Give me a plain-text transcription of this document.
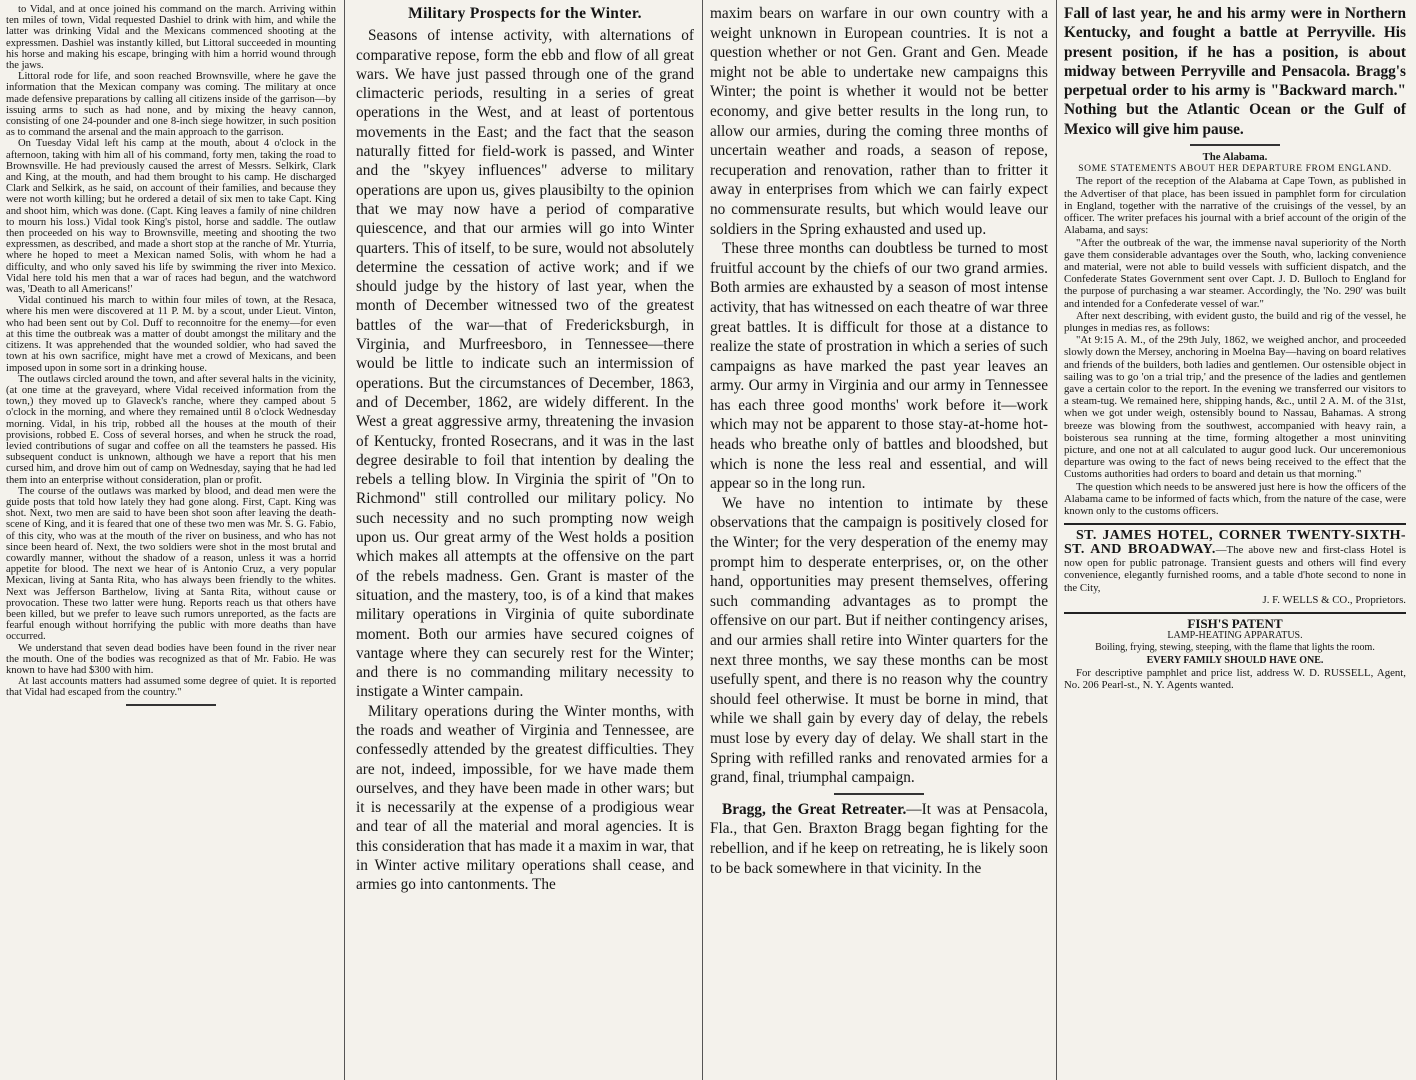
to Vidal, and at once joined his command on the march. Arriving within ten miles of town, Vidal requested Dashiel to drink with him, and while the latter was drinking Vidal and the Mexicans commenced shooting at the expressmen. Dashiel was instantly killed, but Littoral succeeded in mounting his horse and making his escape, bringing with him a horrid wound through the jaws.

Littoral rode for life, and soon reached Brownsville, where he gave the information that the Mexican company was coming. The military at once made defensive preparations by calling all citizens inside of the garrison—by issuing arms to such as had none, and by mixing the heavy cannon, consisting of one 24-pounder and one 8-inch siege howitzer, in such position as to command the arsenal and the main approach to the garrison.

On Tuesday Vidal left his camp at the mouth, about 4 o'clock in the afternoon, taking with him all of his command, forty men, taking the road to Brownsville. He had previously caused the arrest of Messrs. Selkirk, Clark and King, at the mouth, and had them brought to his camp. He discharged Clark and Selkirk, as he said, on account of their families, and because they were not worth killing; but he ordered a detail of six men to take Capt. King and shoot him, which was done. (Capt. King leaves a family of nine children to mourn his loss.) Vidal took King's pistol, horse and saddle. The outlaw then proceeded on his way to Brownsville, meeting and shooting the two expressmen, as described, and made a short stop at the ranche of Mr. Yturria, where he hoped to meet a Mexican named Solis, with whom he had a difficulty, and who only saved his life by swimming the river into Mexico. Vidal here told his men that a war of races had begun, and the watchword was, 'Death to all Americans!'

Vidal continued his march to within four miles of town, at the Resaca, where his men were discovered at 11 P. M. by a scout, under Lieut. Vinton, who had been sent out by Col. Duff to reconnoitre for the enemy—for even at this time the outbreak was a matter of doubt amongst the military and the citizens. It was apprehended that the wounded soldier, who had saved the town at his own sacrifice, might have met a crowd of Mexicans, and been imposed upon in some sort in a drinking house.

The outlaws circled around the town, and after several halts in the vicinity, (at one time at the graveyard, where Vidal received information from the town,) they moved up to Glaveck's ranche, where they camped about 5 o'clock in the morning, and where they remained until 8 o'clock Wednesday morning. Vidal, in his trip, robbed all the houses at the mouth of their provisions, robbed E. Coss of several horses, and when he struck the road, levied contributions of sugar and coffee on all the teamsters he passed. His subsequent conduct is unknown, although we have a report that his men cursed him, and drove him out of camp on Wednesday, saying that he had led them into an enterprise without consideration, plan or profit.

The course of the outlaws was marked by blood, and dead men were the guide posts that told how lately they had gone along. First, Capt. King was shot. Next, two men are said to have been shot soon after leaving the death-scene of King, and it is feared that one of these two men was Mr. S. G. Fabio, of this city, who was at the mouth of the river on business, and who has not since been heard of. Next, the two soldiers were shot in the most brutal and cowardly manner, without the shadow of a reason, unless it was a horrid appetite for blood. The next we hear of is Antonio Cruz, a very popular Mexican, living at Santa Rita, who has always been friendly to the whites. Next was Jefferson Barthelow, living at Santa Rita, without cause or provocation. These two latter were hung. Reports reach us that others have been killed, but we prefer to leave such rumors unreported, as the facts are fearful enough without horrifying the public with more deaths than have occurred.

We understand that seven dead bodies have been found in the river near the mouth. One of the bodies was recognized as that of Mr. Fabio. He was known to have had $300 with him.

At last accounts matters had assumed some degree of quiet. It is reported that Vidal had escaped from the country."

Military Prospects for the Winter.

Seasons of intense activity, with alternations of comparative repose, form the ebb and flow of all great wars. We have just passed through one of the grand climacteric periods, resulting in a series of great operations in the West, and at least of portentous movements in the East; and the fact that the season naturally fitted for field-work is passed, and Winter and the "skyey influences" adverse to military operations are upon us, gives plausibilty to the opinion that we may now have a period of comparative quiescence, and that our armies will go into Winter quarters. This of itself, to be sure, would not absolutely determine the cessation of active work; and if we should judge by the history of last year, when the month of December witnessed two of the greatest battles of the war—that of Fredericksburgh, in Virginia, and Murfreesboro, in Tennessee—there would be little to indicate such an intermission of operations. But the circumstances of December, 1863, and of December, 1862, are widely different. In the West a great aggressive army, threatening the invasion of Kentucky, fronted Rosecrans, and it was in the last degree desirable to foil that intention by dealing the rebels a telling blow. In Virginia the spirit of "On to Richmond" still controlled our military policy. No such necessity and no such prompting now weigh upon us. Our great army of the West holds a position which makes all attempts at the offensive on the part of the rebels madness. Gen. Grant is master of the situation, and the mastery, too, is of a kind that makes military operations in Virginia of quite subordinate moment. Both our armies have secured coignes of vantage where they can securely rest for the Winter; and there is no commanding military necessity to instigate a Winter campain.

Military operations during the Winter months, with the roads and weather of Virginia and Tennessee, are confessedly attended by the greatest difficulties. They are not, indeed, impossible, for we have made them ourselves, and they have been made in other wars; but it is necessarily at the expense of a prodigious wear and tear of all the material and moral agencies. It is this consideration that has made it a maxim in war, that in Winter active military operations shall cease, and armies go into cantonments. The

maxim bears on warfare in our own country with a weight unknown in European countries. It is not a question whether or not Gen. Grant and Gen. Meade might not be able to undertake new campaigns this Winter; the point is whether it would not be better economy, and give better results in the long run, to allow our armies, during the coming three months of uncertain weather and roads, a season of repose, recuperation and renovation, rather than to fritter it away in enterprises from which we can fairly expect no commensurate results, but which would leave our soldiers in the Spring exhausted and used up.

These three months can doubtless be turned to most fruitful account by the chiefs of our two grand armies. Both armies are exhausted by a season of most intense activity, that has witnessed on each theatre of war three great battles. It is difficult for those at a distance to realize the state of prostration in which a series of such campaigns as have marked the past year leaves an army. Our army in Virginia and our army in Tennessee has each three good months' work before it—work which may not be apparent to those stay-at-home hot-heads who breathe only of battles and bloodshed, but which is none the less real and essential, and will appear so in the long run.

We have no intention to intimate by these observations that the campaign is positively closed for the Winter; for the very desperation of the enemy may prompt him to desperate enterprises, or, on the other hand, opportunities may present themselves, offering such commanding advantages as to prompt the offensive on our part. But if neither contingency arises, and our armies shall retire into Winter quarters for the next three months, we say these months can be most usefully spent, and there is no reason why the country should feel otherwise. It must be borne in mind, that while we shall gain by every day of delay, the rebels must lose by every day of delay. We shall start in the Spring with refilled ranks and renovated armies for a grand, final, triumphal campaign.

Bragg, the Great Retreater.—It was at Pensacola, Fla., that Gen. Braxton Bragg began fighting for the rebellion, and if he keep on retreating, he is likely soon to be back somewhere in that vicinity. In the

Fall of last year, he and his army were in Northern Kentucky, and fought a battle at Perryville. His present position, if he has a position, is about midway between Perryville and Pensacola. Bragg's perpetual order to his army is "Backward march." Nothing but the Atlantic Ocean or the Gulf of Mexico will give him pause.

The Alabama.

SOME STATEMENTS ABOUT HER DEPARTURE FROM ENGLAND.

The report of the reception of the Alabama at Cape Town, as published in the Advertiser of that place, has been issued in pamphlet form for circulation in England, together with the narrative of the cruisings of the vessel, by an officer. The writer prefaces his journal with a brief account of the origin of the Alabama, and says:

"After the outbreak of the war, the immense naval superiority of the North gave them considerable advantages over the South, who, lacking convenience and material, were not able to build vessels with sufficient dispatch, and the Confederate States Government sent over Capt. J. D. Bulloch to England for the purpose of purchasing a war steamer. Accordingly, the 'No. 290' was built and intended for a Confederate vessel of war."

After next describing, with evident gusto, the build and rig of the vessel, he plunges in medias res, as follows:

"At 9:15 A. M., of the 29th July, 1862, we weighed anchor, and proceeded slowly down the Mersey, anchoring in Moelna Bay—having on board relatives and friends of the builders, both ladies and gentlemen. Our ostensible object in sailing was to go 'on a trial trip,' and the presence of the ladies and gentlemen gave a certain color to the report. In the evening we transferred our visitors to a steam-tug. We remained here, shipping hands, &c., until 2 A. M. of the 31st, when we got under weigh, ostensibly bound to Nassau, Bahamas. A strong breeze was blowing from the southwest, accompanied with heavy rain, a boisterous sea running at the time, forming altogether a most uninviting picture, and one not at all calculated to augur good luck. Our unceremonious departure was owing to the fact of news being received to the effect that the Customs authorities had orders to board and detain us that morning."

The question which needs to be answered just here is how the officers of the Alabama came to be informed of facts which, from the nature of the case, were known only to the customs officers.

ST. JAMES HOTEL, CORNER TWENTY-SIXTH-ST. AND BROADWAY.—The above new and first-class Hotel is now open for public patronage. Transient guests and others will find every convenience, elegantly furnished rooms, and a table d'hote second to none in the City,

J. F. WELLS & CO., Proprietors.

FISH'S PATENT

LAMP-HEATING APPARATUS.

Boiling, frying, stewing, steeping, with the flame that lights the room.

EVERY FAMILY SHOULD HAVE ONE.

For descriptive pamphlet and price list, address W. D. RUSSELL, Agent, No. 206 Pearl-st., N. Y. Agents wanted.
